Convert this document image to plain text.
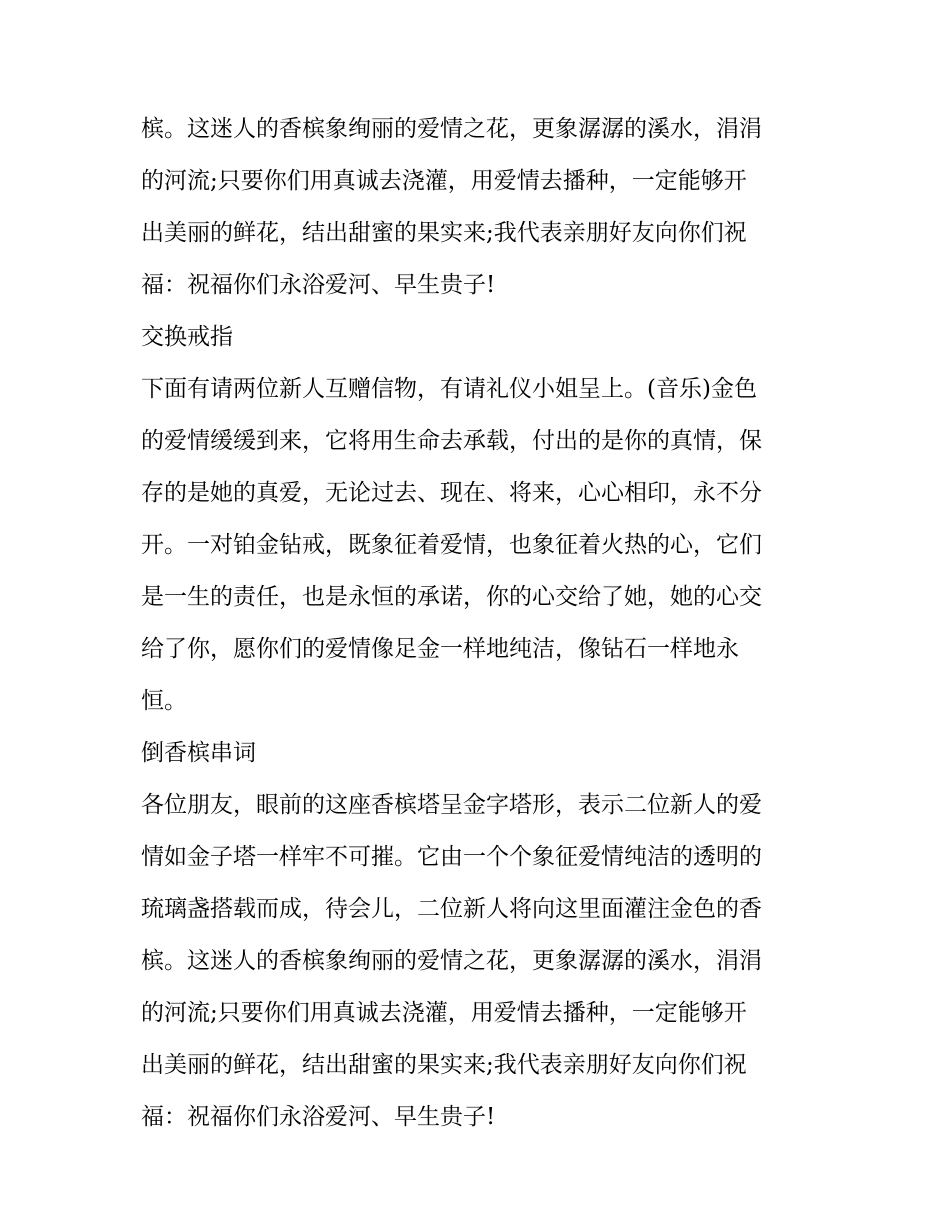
槟。这迷人的香槟象绚丽的爱情之花，更象潺潺的溪水，涓涓
的河流;只要你们用真诚去浇灌，用爱情去播种，一定能够开
出美丽的鲜花，结出甜蜜的果实来;我代表亲朋好友向你们祝
福：祝福你们永浴爱河、早生贵子!
交换戒指
下面有请两位新人互赠信物，有请礼仪小姐呈上。(音乐)金色
的爱情缓缓到来，它将用生命去承载，付出的是你的真情，保
存的是她的真爱，无论过去、现在、将来，心心相印，永不分
开。一对铂金钻戒，既象征着爱情，也象征着火热的心，它们
是一生的责任，也是永恒的承诺，你的心交给了她，她的心交
给了你，愿你们的爱情像足金一样地纯洁，像钻石一样地永
恒。
倒香槟串词
各位朋友，眼前的这座香槟塔呈金字塔形，表示二位新人的爱
情如金子塔一样牢不可摧。它由一个个象征爱情纯洁的透明的
琉璃盏搭载而成，待会儿，二位新人将向这里面灌注金色的香
槟。这迷人的香槟象绚丽的爱情之花，更象潺潺的溪水，涓涓
的河流;只要你们用真诚去浇灌，用爱情去播种，一定能够开
出美丽的鲜花，结出甜蜜的果实来;我代表亲朋好友向你们祝
福：祝福你们永浴爱河、早生贵子!
